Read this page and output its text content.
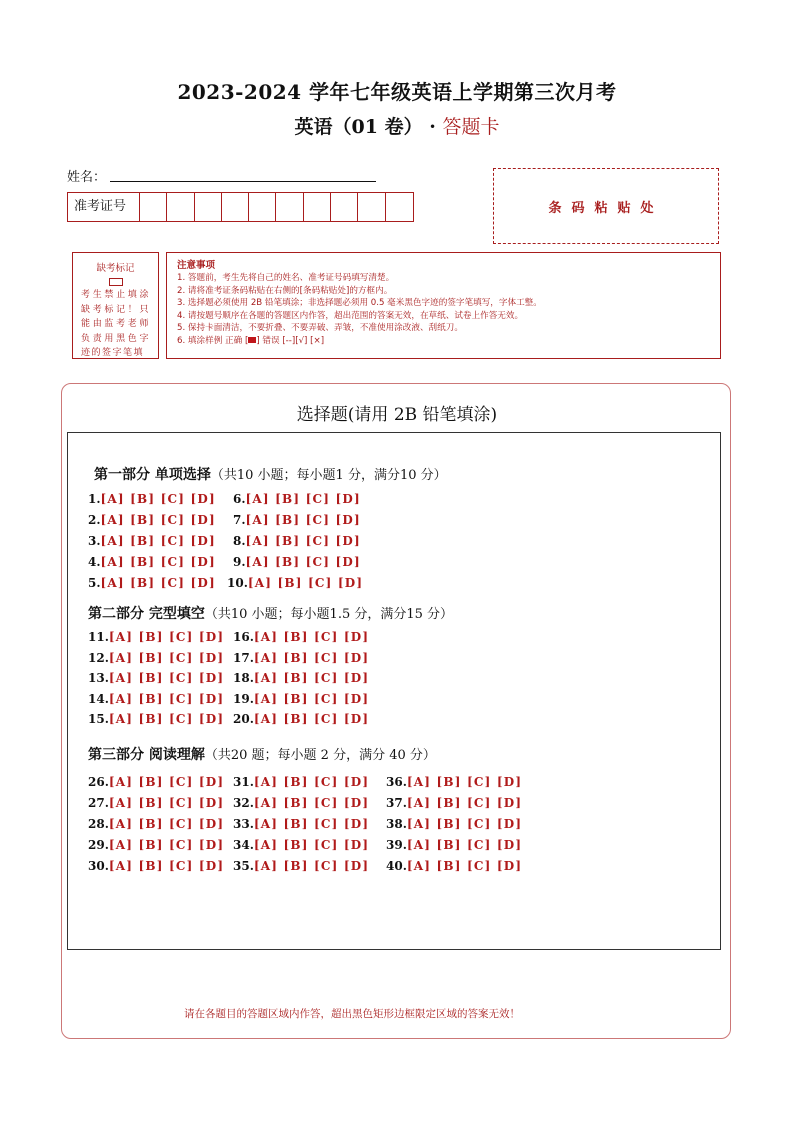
2023-2024 学年七年级英语上学期第三次月考
英语（01 卷） · 答题卡
姓名：
准考证号	条码粘贴处
缺考标记
考生禁止填涂缺考标记！只能由监考老师负责用黑色字迹的签字笔填
注意事项
1. 答题前，考生先将自己的姓名、准考证号码填写清楚。
2. 请将准考证条码粘贴在右侧的[条码粘贴处]的方框内。
3. 选择题必须使用 2B 铅笔填涂；非选择题必须用 0.5 毫米黑色字迹的签字笔填写，字体工整。
4. 请按题号顺序在各题的答题区内作答，超出范围的答案无效，在草纸、试卷上作答无效。
5. 保持卡面清洁，不要折叠、不要弄破、弄皱，不准使用涂改液、刮纸刀。
6. 填涂样例 正确 [ ] 错误 [--][√] [×]
选择题(请用 2B 铅笔填涂)
第一部分 单项选择（共10 小题；每小题1 分，满分10 分）
第二部分 完型填空（共10 小题；每小题1.5 分，满分15 分）
第三部分 阅读理解（共20 题；每小题 2 分，满分 40 分）
1.[A] [B] [C] [D]
2.[A] [B] [C] [D]
3.[A] [B] [C] [D]
4.[A] [B] [C] [D]
5.[A] [B] [C] [D]
6.[A] [B] [C] [D]
7.[A] [B] [C] [D]
8.[A] [B] [C] [D]
9.[A] [B] [C] [D]
10.[A] [B] [C] [D]
11.[A] [B] [C] [D]
12.[A] [B] [C] [D]
13.[A] [B] [C] [D]
14.[A] [B] [C] [D]
15.[A] [B] [C] [D]
16.[A] [B] [C] [D]
17.[A] [B] [C] [D]
18.[A] [B] [C] [D]
19.[A] [B] [C] [D]
20.[A] [B] [C] [D]
26.[A] [B] [C] [D]
27.[A] [B] [C] [D]
28.[A] [B] [C] [D]
29.[A] [B] [C] [D]
30.[A] [B] [C] [D]
31.[A] [B] [C] [D]
32.[A] [B] [C] [D]
33.[A] [B] [C] [D]
34.[A] [B] [C] [D]
35.[A] [B] [C] [D]
36.[A] [B] [C] [D]
37.[A] [B] [C] [D]
38.[A] [B] [C] [D]
39.[A] [B] [C] [D]
40.[A] [B] [C] [D]
请在各题目的答题区域内作答，超出黑色矩形边框限定区域的答案无效！
